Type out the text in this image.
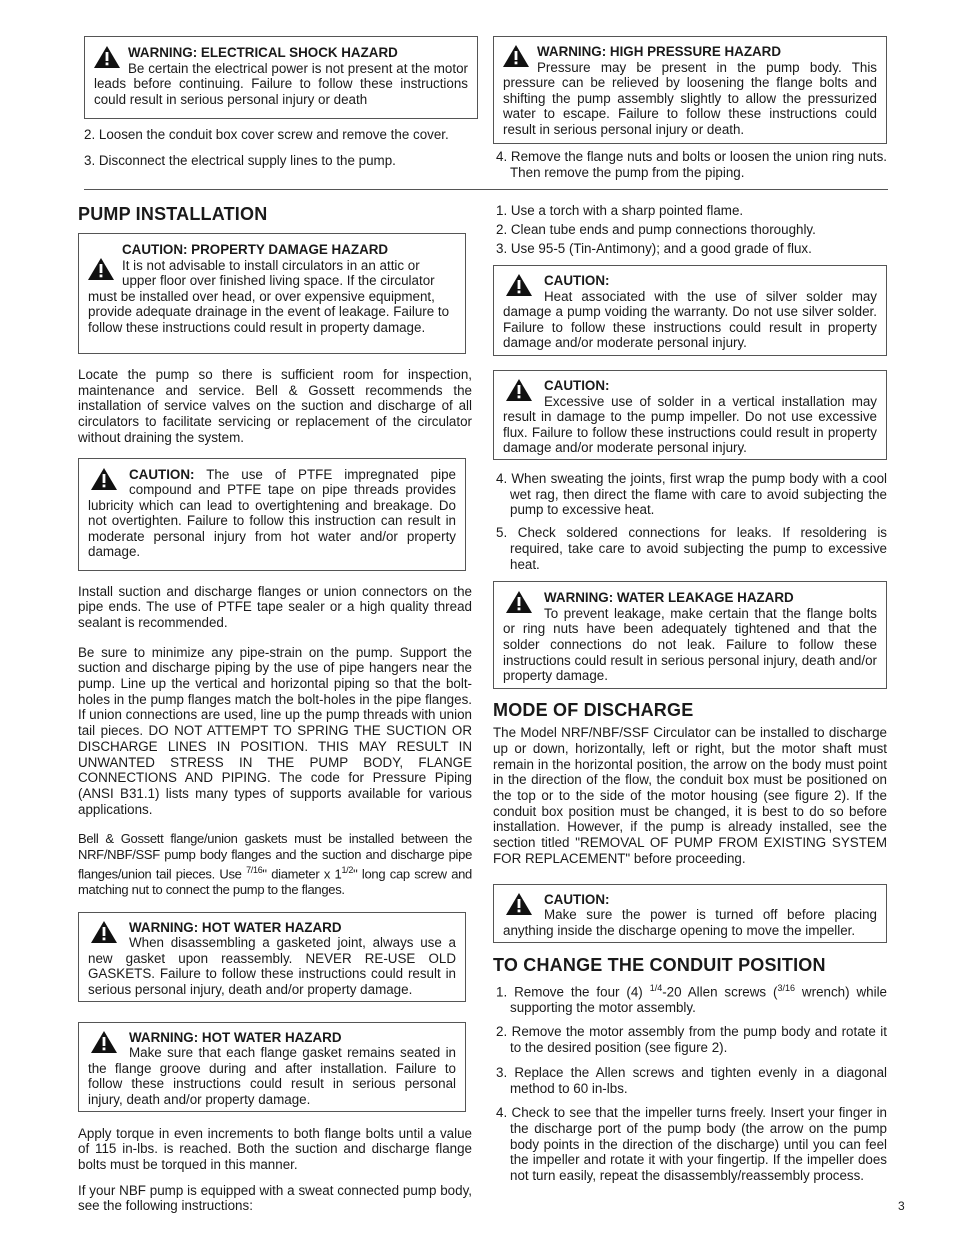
WARNING: ELECTRICAL SHOCK HAZARD
Be certain the electrical power is not present at the motor leads before continuing. Failure to follow these instructions could result in serious personal injury or death

2. Loosen the conduit box cover screw and remove the cover.

3. Disconnect the electrical supply lines to the pump.

WARNING: HIGH PRESSURE HAZARD
Pressure may be present in the pump body. This pressure can be relieved by loosening the flange bolts and shifting the pump assembly slightly to allow the pressurized water to escape. Failure to follow these instructions could result in serious personal injury or death.

4. Remove the flange nuts and bolts or loosen the union ring nuts. Then remove the pump from the piping.

PUMP INSTALLATION
CAUTION: PROPERTY DAMAGE HAZARD
It is not advisable to install circulators in an attic or upper floor over finished living space. If the circulator must be installed over head, or over expensive equipment, provide adequate drainage in the event of leakage. Failure to follow these instructions could result in property damage.

Locate the pump so there is sufficient room for inspection, maintenance and service. Bell & Gossett recommends the installation of service valves on the suction and discharge of all circulators to facilitate servicing or replacement of the circulator without draining the system.

CAUTION: The use of PTFE impregnated pipe compound and PTFE tape on pipe threads provides lubricity which can lead to overtightening and breakage. Do not overtighten. Failure to follow this instruction can result in moderate personal injury from hot water and/or property damage.

Install suction and discharge flanges or union connectors on the pipe ends. The use of PTFE tape sealer or a high quality thread sealant is recommended.

Be sure to minimize any pipe-strain on the pump. Support the suction and discharge piping by the use of pipe hangers near the pump. Line up the vertical and horizontal piping so that the bolt-holes in the pump flanges match the bolt-holes in the pipe flanges. If union connections are used, line up the pump threads with union tail pieces. DO NOT ATTEMPT TO SPRING THE SUCTION OR DISCHARGE LINES IN POSITION. THIS MAY RESULT IN UNWANTED STRESS IN THE PUMP BODY, FLANGE CONNECTIONS AND PIPING. The code for Pressure Piping (ANSI B31.1) lists many types of supports available for various applications.

Bell & Gossett flange/union gaskets must be installed between the NRF/NBF/SSF pump body flanges and the suction and discharge pipe flanges/union tail pieces. Use $^{7/16}$" diameter x $1^{1/2}$" long cap screw and matching nut to connect the pump to the flanges.

WARNING: HOT WATER HAZARD
When disassembling a gasketed joint, always use a new gasket upon reassembly. NEVER RE-USE OLD GASKETS. Failure to follow these instructions could result in serious personal injury, death and/or property damage.
WARNING: HOT WATER HAZARD
Make sure that each flange gasket remains seated in the flange groove during and after installation. Failure to follow these instructions could result in serious personal injury, death and/or property damage.

Apply torque in even increments to both flange bolts until a value of 115 in-lbs. is reached. Both the suction and discharge flange bolts must be torqued in this manner.

If your NBF pump is equipped with a sweat connected pump body, see the following instructions:

1. Use a torch with a sharp pointed flame.

2. Clean tube ends and pump connections thoroughly.

3. Use 95-5 (Tin-Antimony); and a good grade of flux.

CAUTION:
Heat associated with the use of silver solder may damage a pump voiding the warranty. Do not use silver solder. Failure to follow these instructions could result in property damage and/or moderate personal injury.
CAUTION:
Excessive use of solder in a vertical installation may result in damage to the pump impeller. Do not use excessive flux. Failure to follow these instructions could result in property damage and/or moderate personal injury.

4. When sweating the joints, first wrap the pump body with a cool wet rag, then direct the flame with care to avoid subjecting the pump to excessive heat.

5. Check soldered connections for leaks. If resoldering is required, take care to avoid subjecting the pump to excessive heat.

WARNING: WATER LEAKAGE HAZARD
To prevent leakage, make certain that the flange bolts or ring nuts have been adequately tightened and that the solder connections do not leak. Failure to follow these instructions could result in serious personal injury, death and/or property damage.
MODE OF DISCHARGE

The Model NRF/NBF/SSF Circulator can be installed to discharge up or down, horizontally, left or right, but the motor shaft must remain in the horizontal position, the arrow on the body must point in the direction of the flow, the conduit box must be positioned on the top or to the side of the motor housing (see figure 2). If the conduit box position must be changed, it is best to do so before installation. However, if the pump is already installed, see the section titled "REMOVAL OF PUMP FROM EXISTING SYSTEM FOR REPLACEMENT" before proceeding.

CAUTION:
Make sure the power is turned off before placing anything inside the discharge opening to move the impeller.
TO CHANGE THE CONDUIT POSITION

1. Remove the four (4) $^{1/4}$-20 Allen screws ($^{3/16}$ wrench) while supporting the motor assembly.

2. Remove the motor assembly from the pump body and rotate it to the desired position (see figure 2).

3. Replace the Allen screws and tighten evenly in a diagonal method to 60 in-lbs.

4. Check to see that the impeller turns freely. Insert your finger in the discharge port of the pump body (the arrow on the pump body points in the direction of the discharge) until you can feel the impeller and rotate it with your fingertip. If the impeller does not turn easily, repeat the disassembly/reassembly process.

3
